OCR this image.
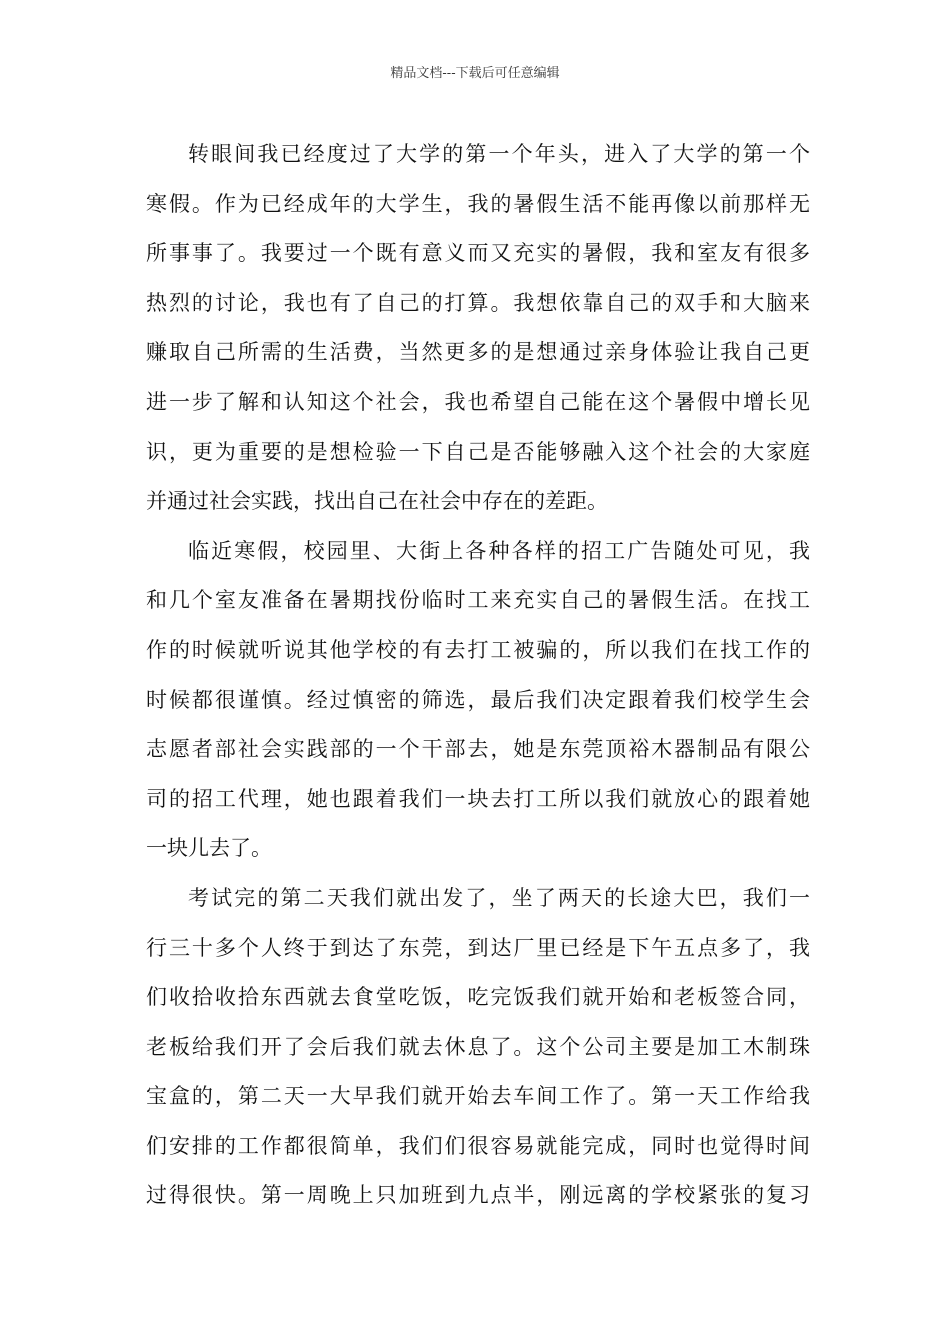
精品文档---下载后可任意编辑
转眼间我已经度过了大学的第一个年头，进入了大学的第一个
寒假。作为已经成年的大学生，我的暑假生活不能再像以前那样无
所事事了。我要过一个既有意义而又充实的暑假，我和室友有很多
热烈的讨论，我也有了自己的打算。我想依靠自己的双手和大脑来
赚取自己所需的生活费，当然更多的是想通过亲身体验让我自己更
进一步了解和认知这个社会，我也希望自己能在这个暑假中增长见
识，更为重要的是想检验一下自己是否能够融入这个社会的大家庭
并通过社会实践，找出自己在社会中存在的差距。
临近寒假，校园里、大街上各种各样的招工广告随处可见，我
和几个室友准备在暑期找份临时工来充实自己的暑假生活。在找工
作的时候就听说其他学校的有去打工被骗的，所以我们在找工作的
时候都很谨慎。经过慎密的筛选，最后我们决定跟着我们校学生会
志愿者部社会实践部的一个干部去，她是东莞顶裕木器制品有限公
司的招工代理，她也跟着我们一块去打工所以我们就放心的跟着她
一块儿去了。
考试完的第二天我们就出发了，坐了两天的长途大巴，我们一
行三十多个人终于到达了东莞，到达厂里已经是下午五点多了，我
们收拾收拾东西就去食堂吃饭，吃完饭我们就开始和老板签合同，
老板给我们开了会后我们就去休息了。这个公司主要是加工木制珠
宝盒的，第二天一大早我们就开始去车间工作了。第一天工作给我
们安排的工作都很简单，我们们很容易就能完成，同时也觉得时间
过得很快。第一周晚上只加班到九点半，刚远离的学校紧张的复习
